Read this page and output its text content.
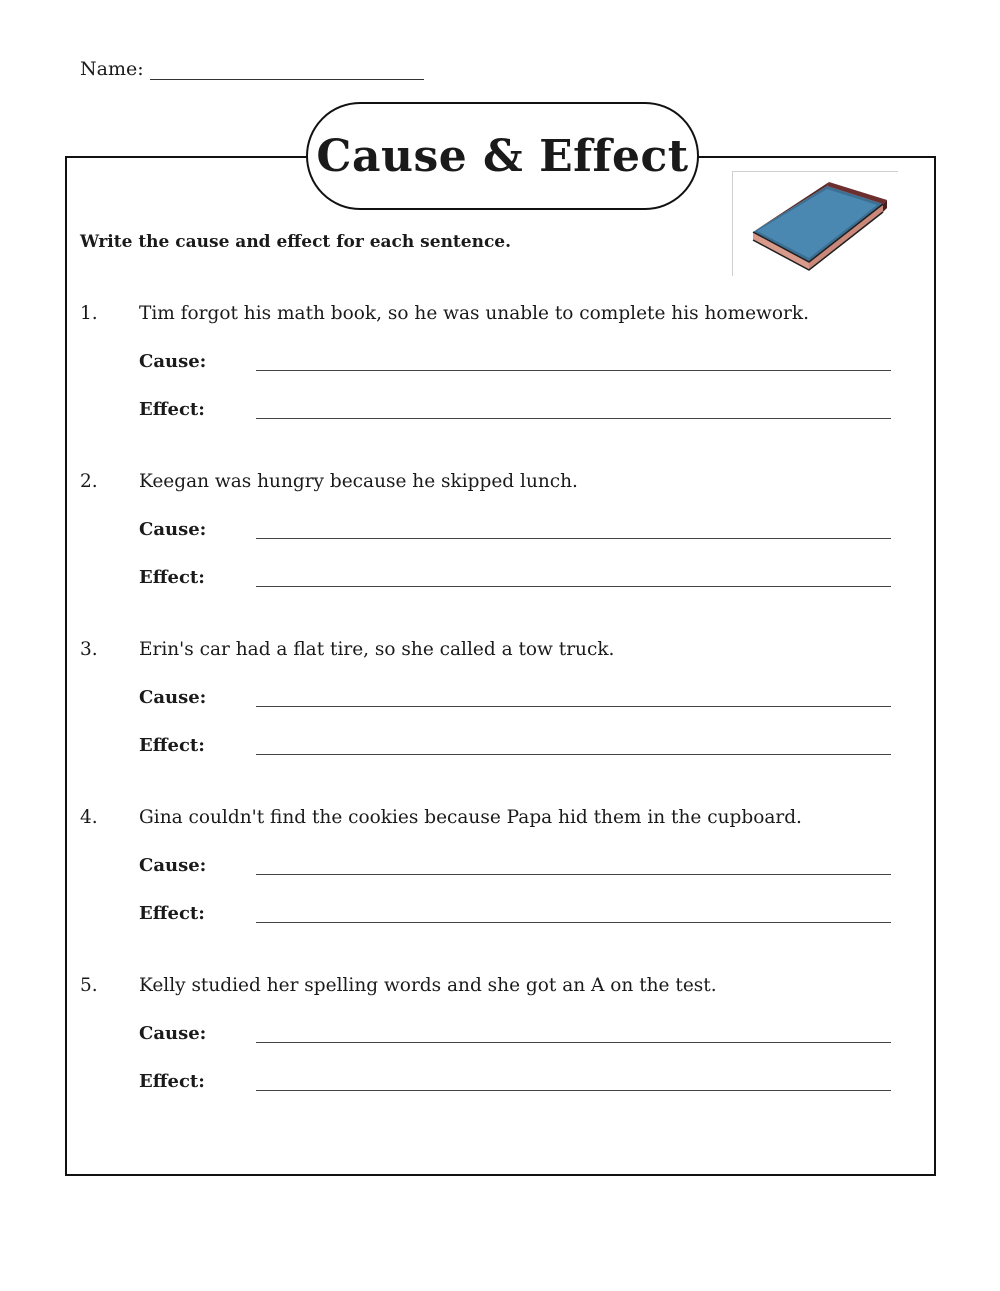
Name:
Cause & Effect
Write the cause and effect for each sentence.
1. Tim forgot his math book, so he was unable to complete his homework.
Cause:
Effect:
2. Keegan was hungry because he skipped lunch.
Cause:
Effect:
3. Erin's car had a flat tire, so she called a tow truck.
Cause:
Effect:
4. Gina couldn't find the cookies because Papa hid them in the cupboard.
Cause:
Effect:
5. Kelly studied her spelling words and she got an A on the test.
Cause:
Effect:
